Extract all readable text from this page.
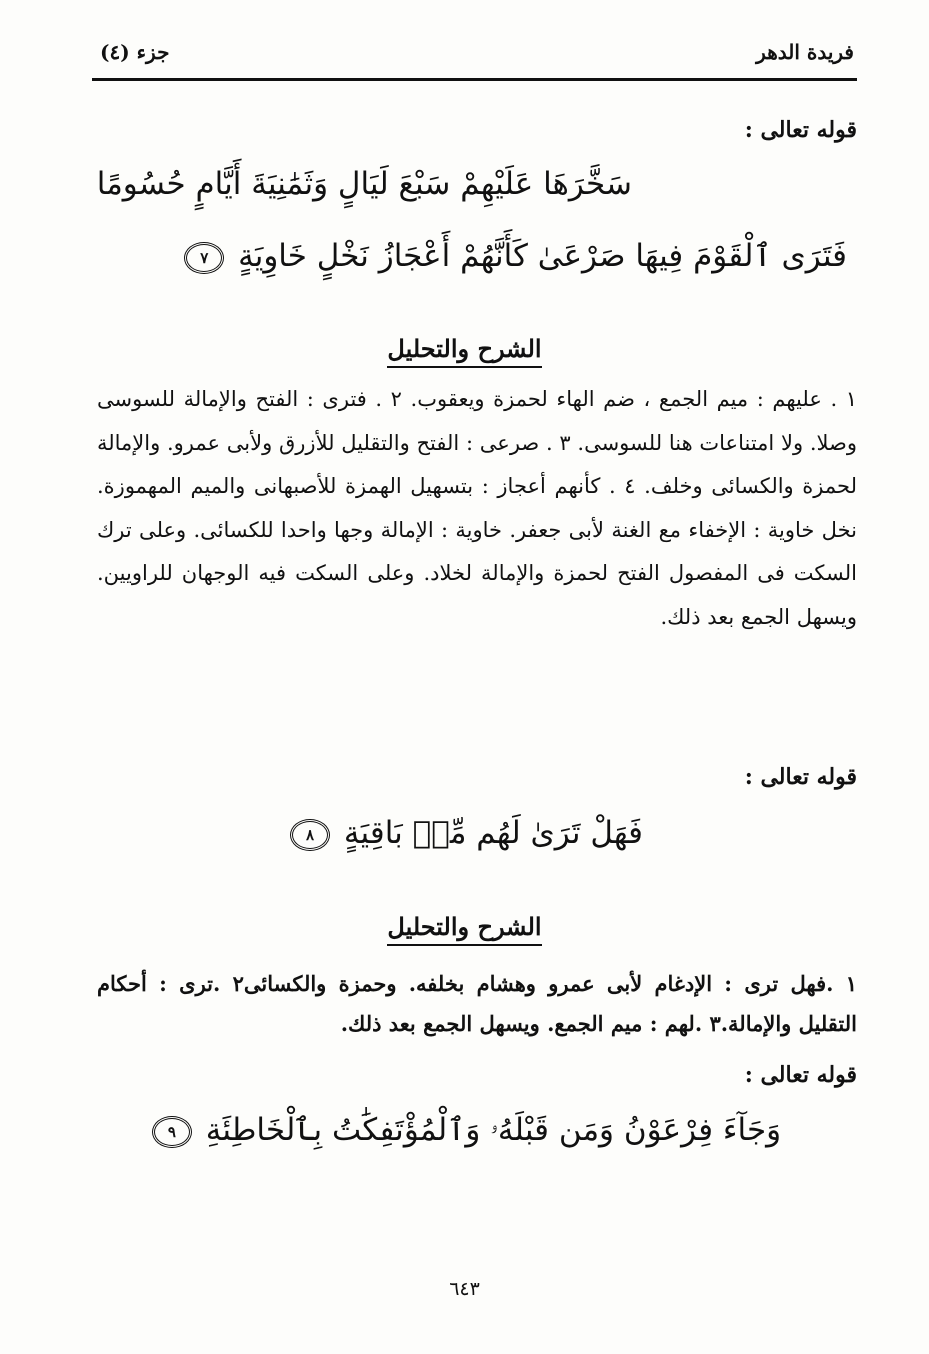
فريدة الدهر
جزء (٤)
قوله تعالى :
سَخَّرَهَا عَلَيْهِمْ سَبْعَ لَيَالٍ وَثَمَٰنِيَةَ أَيَّامٍ حُسُومًا
فَتَرَى ٱلْقَوْمَ فِيهَا صَرْعَىٰ كَأَنَّهُمْ أَعْجَازُ نَخْلٍ خَاوِيَةٍ ٧
الشرح والتحليل
١ . عليهم : ميم الجمع ، ضم الهاء لحمزة ويعقوب. ٢ . فترى : الفتح والإمالة للسوسى وصلا. ولا امتناعات هنا للسوسى. ٣ . صرعى : الفتح والتقليل للأزرق ولأبى عمرو. والإمالة لحمزة والكسائى وخلف. ٤ . كأنهم أعجاز : بتسهيل الهمزة للأصبهانى والميم المهموزة. نخل خاوية : الإخفاء مع الغنة لأبى جعفر. خاوية : الإمالة وجها واحدا للكسائى. وعلى ترك السكت فى المفصول الفتح لحمزة والإمالة لخلاد. وعلى السكت فيه الوجهان للراويين. ويسهل الجمع بعد ذلك.
قوله تعالى :
فَهَلْ تَرَىٰ لَهُم مِّنۢ بَاقِيَةٍ ٨
الشرح والتحليل
١ .فهل ترى : الإدغام لأبى عمرو وهشام بخلفه. وحمزة والكسائى٢ .ترى : أحكام التقليل والإمالة.٣ .لهم : ميم الجمع. ويسهل الجمع بعد ذلك.
قوله تعالى :
وَجَآءَ فِرْعَوْنُ وَمَن قَبْلَهُۥ وَٱلْمُؤْتَفِكَٰتُ بِٱلْخَاطِئَةِ ٩
٦٤٣
